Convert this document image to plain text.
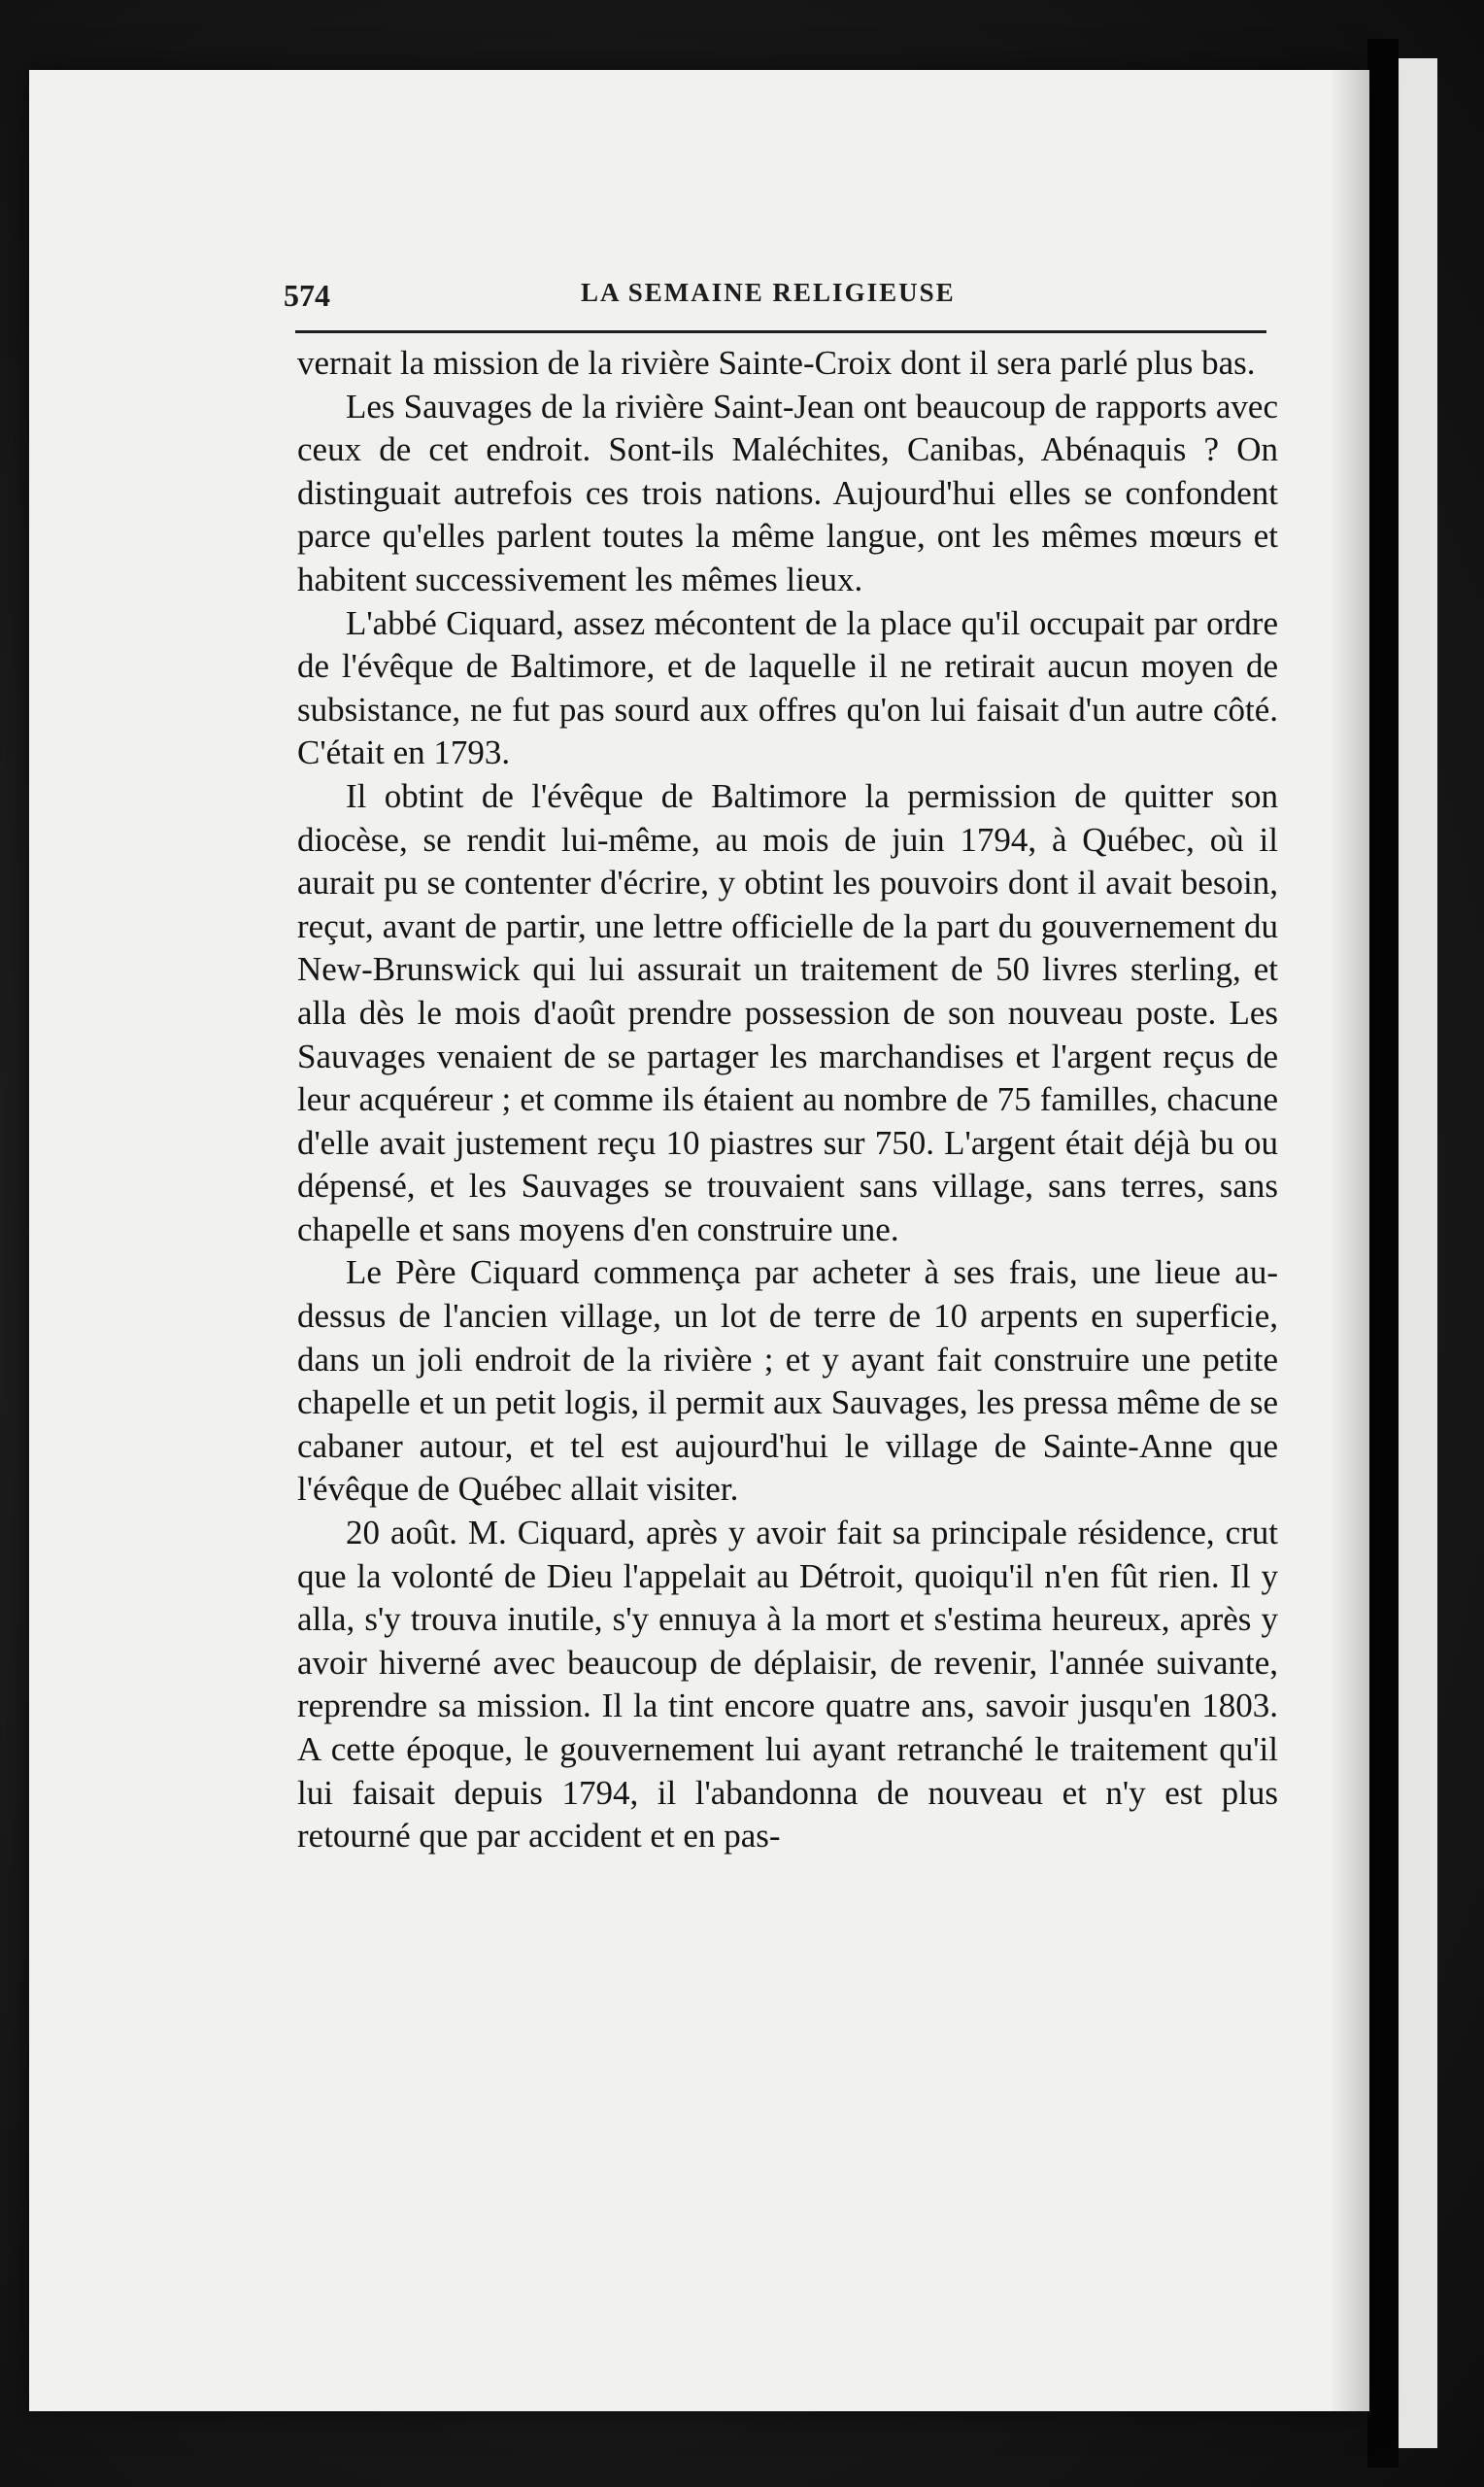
574	LA SEMAINE RELIGIEUSE

vernait la mission de la rivière Sainte-Croix dont il sera parlé plus bas.

Les Sauvages de la rivière Saint-Jean ont beaucoup de rapports avec ceux de cet endroit. Sont-ils Maléchites, Canibas, Abénaquis ? On distinguait autrefois ces trois nations. Aujourd'hui elles se confondent parce qu'elles parlent toutes la même langue, ont les mêmes mœurs et habitent successivement les mêmes lieux.

L'abbé Ciquard, assez mécontent de la place qu'il occupait par ordre de l'évêque de Baltimore, et de laquelle il ne retirait aucun moyen de subsistance, ne fut pas sourd aux offres qu'on lui faisait d'un autre côté. C'était en 1793.

Il obtint de l'évêque de Baltimore la permission de quitter son diocèse, se rendit lui-même, au mois de juin 1794, à Québec, où il aurait pu se contenter d'écrire, y obtint les pouvoirs dont il avait besoin, reçut, avant de partir, une lettre officielle de la part du gouvernement du New-Brunswick qui lui assurait un traitement de 50 livres sterling, et alla dès le mois d'août prendre possession de son nouveau poste. Les Sauvages venaient de se partager les marchandises et l'argent reçus de leur acquéreur ; et comme ils étaient au nombre de 75 familles, chacune d'elle avait justement reçu 10 piastres sur 750. L'argent était déjà bu ou dépensé, et les Sauvages se trouvaient sans village, sans terres, sans chapelle et sans moyens d'en construire une.

Le Père Ciquard commença par acheter à ses frais, une lieue au-dessus de l'ancien village, un lot de terre de 10 arpents en superficie, dans un joli endroit de la rivière ; et y ayant fait construire une petite chapelle et un petit logis, il permit aux Sauvages, les pressa même de se cabaner autour, et tel est aujourd'hui le village de Sainte-Anne que l'évêque de Québec allait visiter.

20 août. M. Ciquard, après y avoir fait sa principale résidence, crut que la volonté de Dieu l'appelait au Détroit, quoiqu'il n'en fût rien. Il y alla, s'y trouva inutile, s'y ennuya à la mort et s'estima heureux, après y avoir hiverné avec beaucoup de déplaisir, de revenir, l'année suivante, reprendre sa mission. Il la tint encore quatre ans, savoir jusqu'en 1803. A cette époque, le gouvernement lui ayant retranché le traitement qu'il lui faisait depuis 1794, il l'abandonna de nouveau et n'y est plus retourné que par accident et en pas-
